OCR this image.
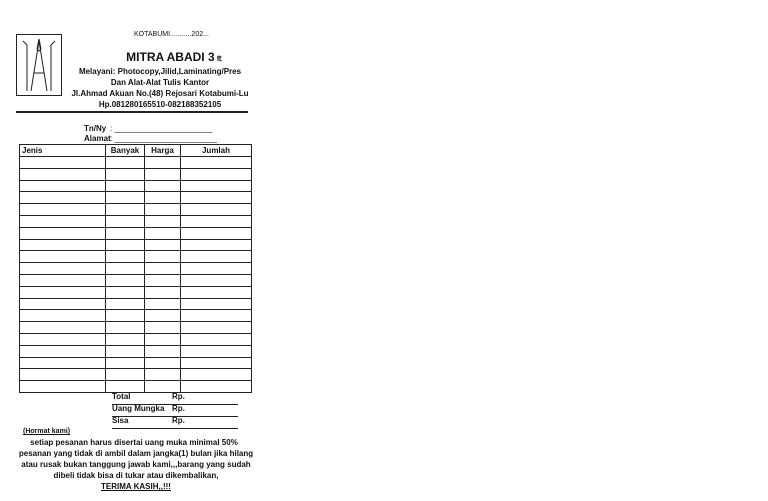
KOTABUMI...........202...
MITRA ABADI 3 ₶
Melayani: Photocopy,Jilid,Laminating/Pres
Dan Alat-Alat Tulis Kantor
Jl.Ahmad Akuan No.(48) Rejosari Kotabumi-Lu
Hp.081280165510-082188352105
Tn/Ny : ______________________
Alamat : _______________________
Jenis	Banyak	Harga	Jumlah

Total	Rp.
Uang Mungka Rp.
Sisa	Rp.
(Hormat kami)
setiap pesanan harus disertai uang muka minimal 50%
pesanan yang tidak di ambil dalam jangka(1) bulan jika hilang
atau rusak bukan tanggung jawab kami,,,barang yang sudah
dibeli tidak bisa di tukar atau dikembalikan,
TERIMA KASIH,,!!!
